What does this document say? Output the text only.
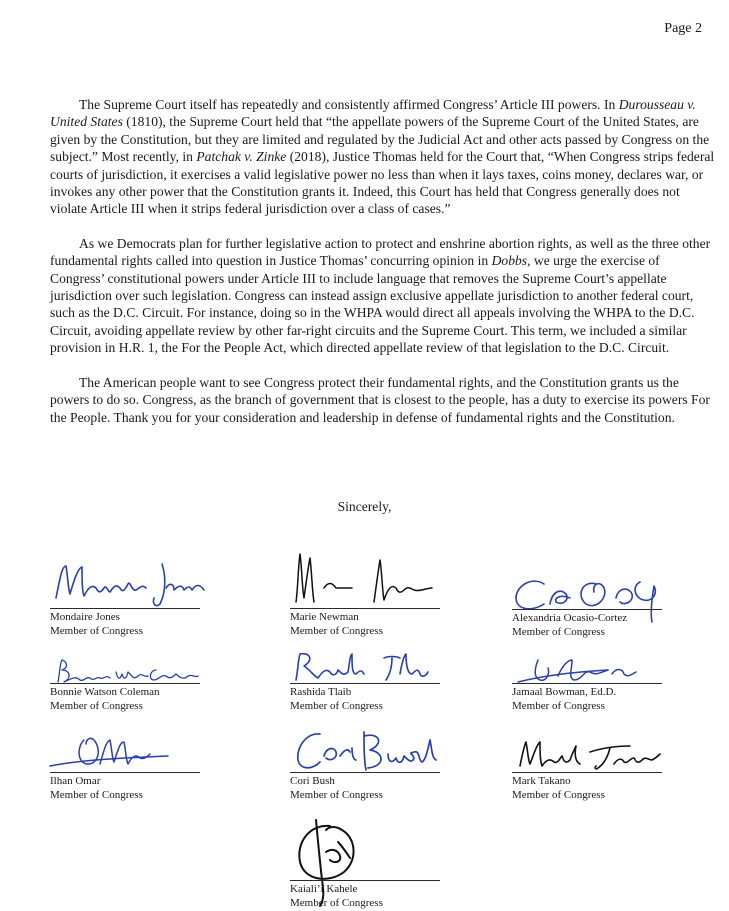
Page 2

The Supreme Court itself has repeatedly and consistently affirmed Congress’ Article III powers. In Durousseau v. United States (1810), the Supreme Court held that “the appellate powers of the Supreme Court of the United States, are given by the Constitution, but they are limited and regulated by the Judicial Act and other acts passed by Congress on the subject.” Most recently, in Patchak v. Zinke (2018), Justice Thomas held for the Court that, “When Congress strips federal courts of jurisdiction, it exercises a valid legislative power no less than when it lays taxes, coins money, declares war, or invokes any other power that the Constitution grants it. Indeed, this Court has held that Congress generally does not violate Article III when it strips federal jurisdiction over a class of cases.”

As we Democrats plan for further legislative action to protect and enshrine abortion rights, as well as the three other fundamental rights called into question in Justice Thomas’ concurring opinion in Dobbs, we urge the exercise of Congress’ constitutional powers under Article III to include language that removes the Supreme Court’s appellate jurisdiction over such legislation. Congress can instead assign exclusive appellate jurisdiction to another federal court, such as the D.C. Circuit. For instance, doing so in the WHPA would direct all appeals involving the WHPA to the D.C. Circuit, avoiding appellate review by other far-right circuits and the Supreme Court. This term, we included a similar provision in H.R. 1, the For the People Act, which directed appellate review of that legislation to the D.C. Circuit.

The American people want to see Congress protect their fundamental rights, and the Constitution grants us the powers to do so. Congress, as the branch of government that is closest to the people, has a duty to exercise its powers For the People. Thank you for your consideration and leadership in defense of fundamental rights and the Constitution.

Sincerely,
Mondaire Jones
Member of Congress
Marie Newman
Member of Congress
Alexandria Ocasio-Cortez
Member of Congress
Bonnie Watson Coleman
Member of Congress
Rashida Tlaib
Member of Congress
Jamaal Bowman, Ed.D.
Member of Congress
Ilhan Omar
Member of Congress
Cori Bush
Member of Congress
Mark Takano
Member of Congress
Kaiali’i Kahele
Member of Congress
